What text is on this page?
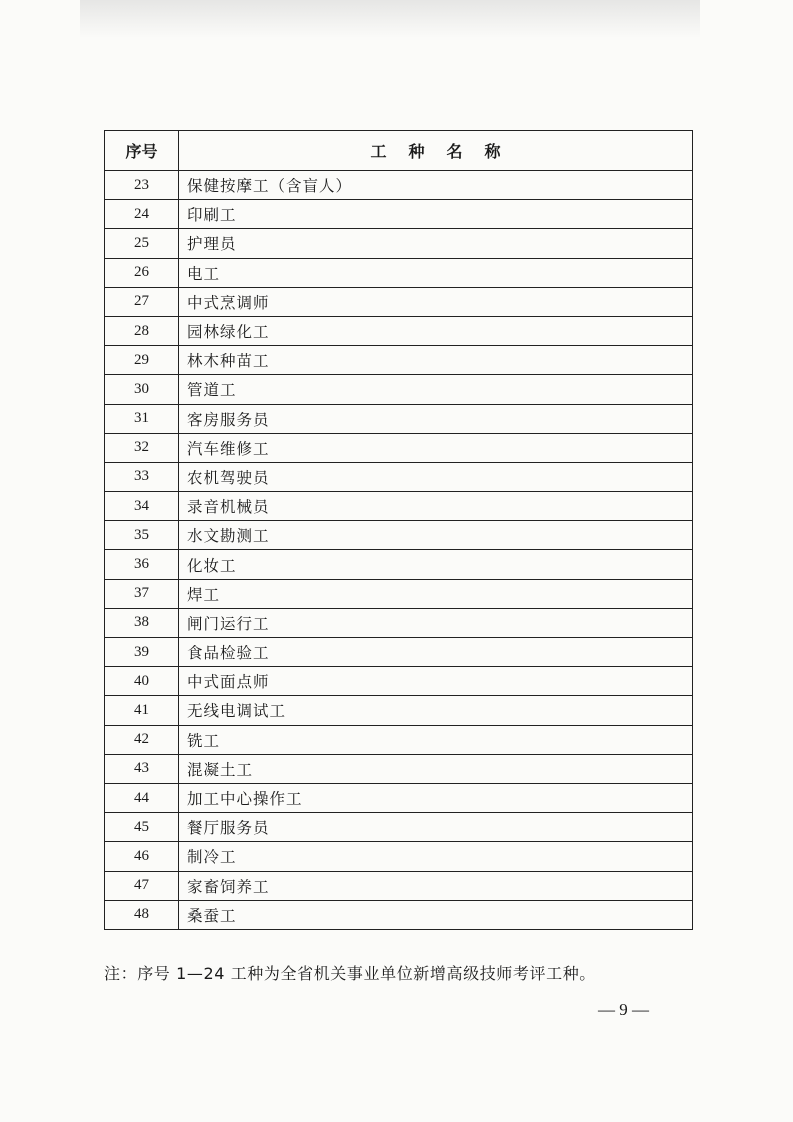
序号	工种名称
23	保健按摩工（含盲人）
24	印刷工
25	护理员
26	电工
27	中式烹调师
28	园林绿化工
29	林木种苗工
30	管道工
31	客房服务员
32	汽车维修工
33	农机驾驶员
34	录音机械员
35	水文勘测工
36	化妆工
37	焊工
38	闸门运行工
39	食品检验工
40	中式面点师
41	无线电调试工
42	铣工
43	混凝土工
44	加工中心操作工
45	餐厅服务员
46	制冷工
47	家畜饲养工
48	桑蚕工
注：序号 1—24 工种为全省机关事业单位新增高级技师考评工种。
— 9 —
